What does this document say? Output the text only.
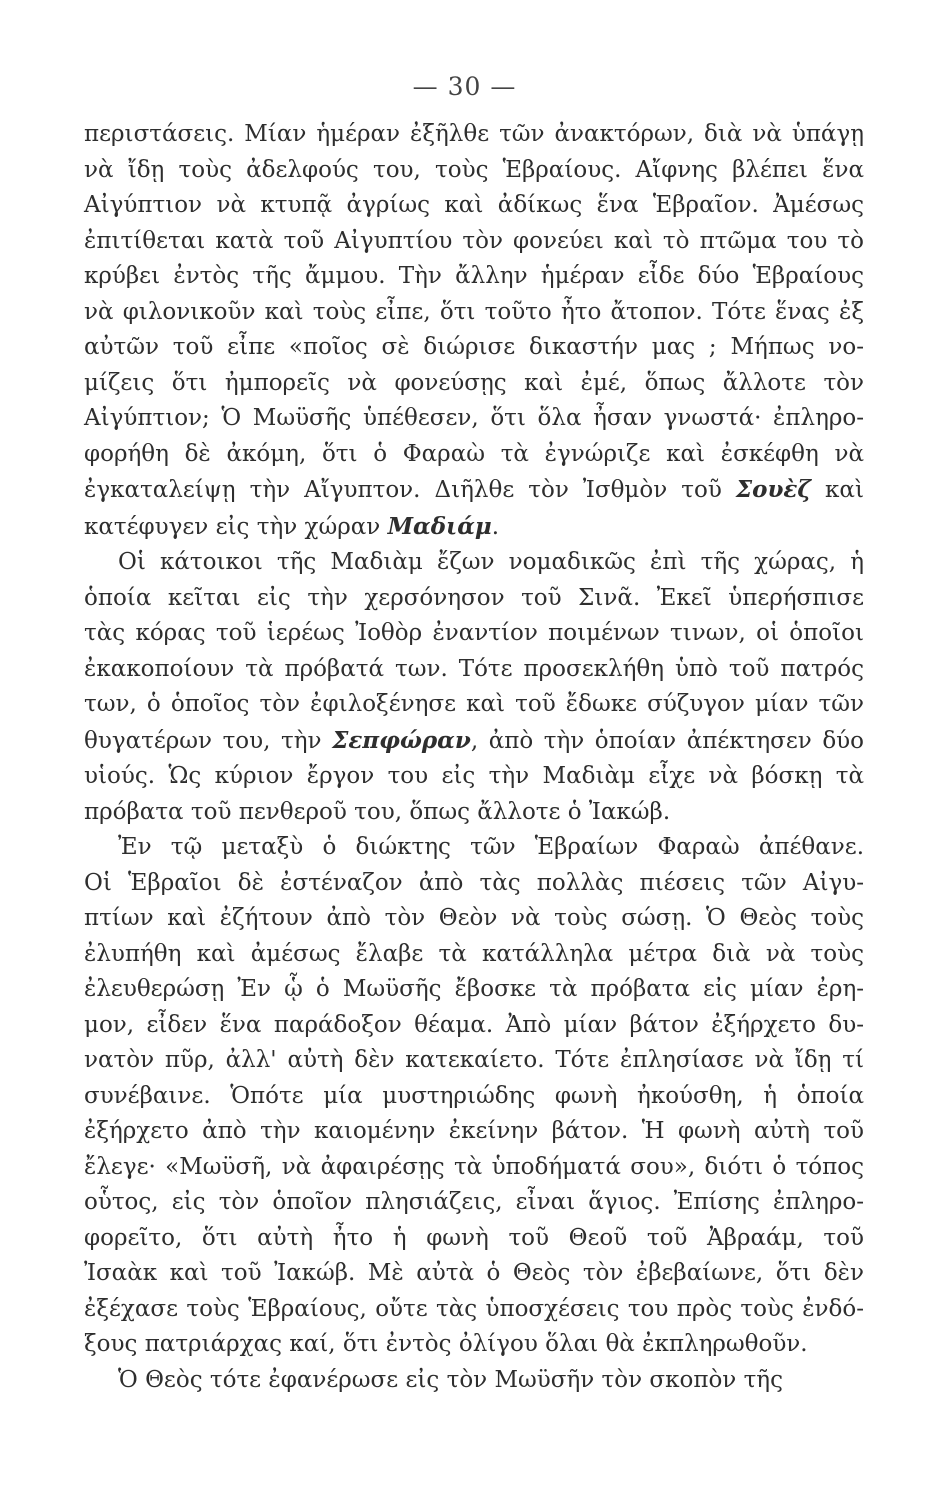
— 30 —
περιστάσεις. Μίαν ἡμέραν ἐξῆλθε τῶν ἀνακτόρων, διὰ νὰ ὑπάγῃ
νὰ ἴδῃ τοὺς ἀδελφούς του, τοὺς Ἑβραίους. Αἴφνης βλέπει ἕνα
Αἰγύπτιον νὰ κτυπᾷ ἀγρίως καὶ ἀδίκως ἕνα Ἑβραῖον. Ἀμέσως
ἐπιτίθεται κατὰ τοῦ Αἰγυπτίου τὸν φονεύει καὶ τὸ πτῶμα του τὸ
κρύβει ἐντὸς τῆς ἄμμου. Τὴν ἄλλην ἡμέραν εἶδε δύο Ἑβραίους
νὰ φιλονικοῦν καὶ τοὺς εἶπε, ὅτι τοῦτο ἦτο ἄτοπον. Τότε ἕνας ἐξ
αὐτῶν τοῦ εἶπε «ποῖος σὲ διώρισε δικαστήν μας ; Μήπως νο-
μίζεις ὅτι ἠμπορεῖς νὰ φονεύσῃς καὶ ἐμέ, ὅπως ἄλλοτε τὸν
Αἰγύπτιον; Ὁ Μωϋσῆς ὑπέθεσεν, ὅτι ὅλα ἦσαν γνωστά· ἐπληρο-
φορήθη δὲ ἀκόμη, ὅτι ὁ Φαραὼ τὰ ἐγνώριζε καὶ ἐσκέφθη νὰ
ἐγκαταλείψῃ τὴν Αἴγυπτον. Διῆλθε τὸν Ἰσθμὸν τοῦ Σουὲζ καὶ
κατέφυγεν εἰς τὴν χώραν Μαδιάμ.
Οἱ κάτοικοι τῆς Μαδιὰμ ἔζων νομαδικῶς ἐπὶ τῆς χώρας, ἡ
ὁποία κεῖται εἰς τὴν χερσόνησον τοῦ Σινᾶ. Ἐκεῖ ὑπερήσπισε
τὰς κόρας τοῦ ἱερέως Ἰοθὸρ ἐναντίον ποιμένων τινων, οἱ ὁποῖοι
ἐκακοποίουν τὰ πρόβατά των. Τότε προσεκλήθη ὑπὸ τοῦ πατρός
των, ὁ ὁποῖος τὸν ἐφιλοξένησε καὶ τοῦ ἔδωκε σύζυγον μίαν τῶν
θυγατέρων του, τὴν Σεπφώραν, ἀπὸ τὴν ὁποίαν ἀπέκτησεν δύο
υἱούς. Ὡς κύριον ἔργον του εἰς τὴν Μαδιὰμ εἶχε νὰ βόσκῃ τὰ
πρόβατα τοῦ πενθεροῦ του, ὅπως ἄλλοτε ὁ Ἰακώβ.
Ἐν τῷ μεταξὺ ὁ διώκτης τῶν Ἑβραίων Φαραὼ ἀπέθανε.
Οἱ Ἑβραῖοι δὲ ἐστέναζον ἀπὸ τὰς πολλὰς πιέσεις τῶν Αἰγυ-
πτίων καὶ ἐζήτουν ἀπὸ τὸν Θεὸν νὰ τοὺς σώσῃ. Ὁ Θεὸς τοὺς
ἐλυπήθη καὶ ἀμέσως ἔλαβε τὰ κατάλληλα μέτρα διὰ νὰ τοὺς
ἐλευθερώσῃ Ἐν ᾧ ὁ Μωϋσῆς ἔβοσκε τὰ πρόβατα εἰς μίαν ἐρη-
μον, εἶδεν ἕνα παράδοξον θέαμα. Ἀπὸ μίαν βάτον ἐξήρχετο δυ-
νατὸν πῦρ, ἀλλ' αὐτὴ δὲν κατεκαίετο. Τότε ἐπλησίασε νὰ ἴδῃ τί
συνέβαινε. Ὁπότε μία μυστηριώδης φωνὴ ἠκούσθη, ἡ ὁποία
ἐξήρχετο ἀπὸ τὴν καιομένην ἐκείνην βάτον. Ἡ φωνὴ αὐτὴ τοῦ
ἔλεγε· «Μωϋσῆ, νὰ ἀφαιρέσῃς τὰ ὑποδήματά σου», διότι ὁ τόπος
οὗτος, εἰς τὸν ὁποῖον πλησιάζεις, εἶναι ἅγιος. Ἐπίσης ἐπληρο-
φορεῖτο, ὅτι αὐτὴ ἦτο ἡ φωνὴ τοῦ Θεοῦ τοῦ Ἀβραάμ, τοῦ
Ἰσαὰκ καὶ τοῦ Ἰακώβ. Μὲ αὐτὰ ὁ Θεὸς τὸν ἐβεβαίωνε, ὅτι δὲν
ἐξέχασε τοὺς Ἑβραίους, οὔτε τὰς ὑποσχέσεις του πρὸς τοὺς ἐνδό-
ξους πατριάρχας καί, ὅτι ἐντὸς ὀλίγου ὅλαι θὰ ἐκπληρωθοῦν.
Ὁ Θεὸς τότε ἐφανέρωσε εἰς τὸν Μωϋσῆν τὸν σκοπὸν τῆς
